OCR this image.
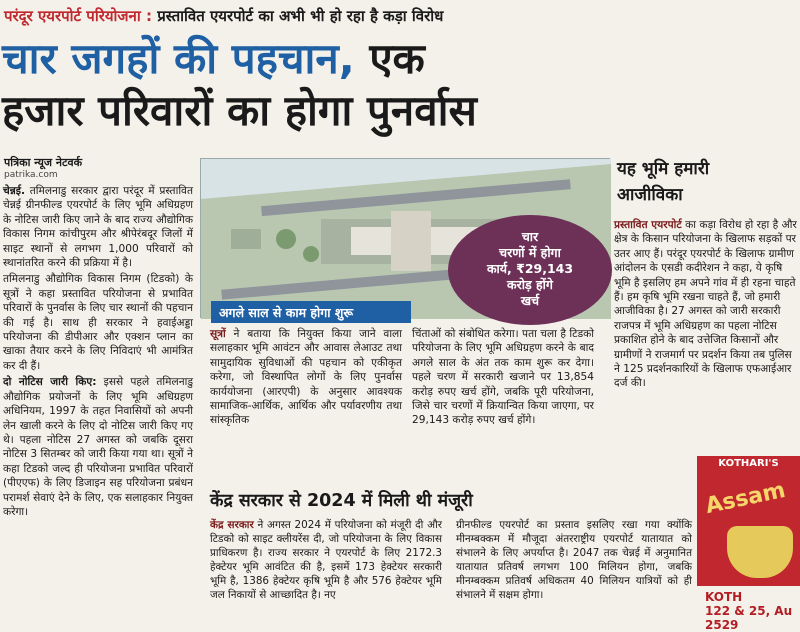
परंदूर एयरपोर्ट परियोजना : प्रस्तावित एयरपोर्ट का अभी भी हो रहा है कड़ा विरोध
चार जगहों की पहचान, एक
हजार परिवारों का होगा पुनर्वास
पत्रिका न्यूज नेटवर्क
patrika.com

चेन्नई. तमिलनाडु सरकार द्वारा परंदूर में प्रस्तावित चेन्नई ग्रीनफील्ड एयरपोर्ट के लिए भूमि अधिग्रहण के नोटिस जारी किए जाने के बाद राज्य औद्योगिक विकास निगम कांचीपुरम और श्रीपेरंबदूर जिलों में साइट स्थानों से लगभग 1,000 परिवारों को स्थानांतरित करने की प्रक्रिया में है।

तमिलनाडु औद्योगिक विकास निगम (टिडको) के सूत्रों ने कहा प्रस्तावित परियोजना से प्रभावित परिवारों के पुनर्वास के लिए चार स्थानों की पहचान की गई है। साथ ही सरकार ने हवाईअड्डा परियोजना की डीपीआर और एक्शन प्लान का खाका तैयार करने के लिए निविदाएं भी आमंत्रित कर दी हैं।

दो नोटिस जारी किए: इससे पहले तमिलनाडु औद्योगिक प्रयोजनों के लिए भूमि अधिग्रहण अधिनियम, 1997 के तहत निवासियों को अपनी लेन खाली करने के लिए दो नोटिस जारी किए गए थे। पहला नोटिस 27 अगस्त को जबकि दूसरा नोटिस 3 सितम्बर को जारी किया गया था। सूत्रों ने कहा टिडको जल्द ही परियोजना प्रभावित परिवारों (पीएएफ) के लिए डिजाइन सह परियोजना प्रबंधन परामर्श सेवाएं देने के लिए, एक सलाहकार नियुक्त करेगा।

अगले साल से काम होगा शुरू
चार
चरणों में होगा
कार्य, ₹29,143
करोड़ होंगे
खर्च
सूत्रों ने बताया कि नियुक्त किया जाने वाला सलाहकार भूमि आवंटन और आवास लेआउट तथा सामुदायिक सुविधाओं की पहचान को एकीकृत करेगा, जो विस्थापित लोगों के लिए पुनर्वास कार्ययोजना (आरएपी) के अनुसार आवश्यक सामाजिक-आर्थिक, आर्थिक और पर्यावरणीय तथा सांस्कृतिक
चिंताओं को संबोधित करेगा। पता चला है टिडको परियोजना के लिए भूमि अधिग्रहण करने के बाद अगले साल के अंत तक काम शुरू कर देगा। पहले चरण में सरकारी खजाने पर 13,854 करोड़ रुपए खर्च होंगे, जबकि पूरी परियोजना, जिसे चार चरणों में क्रियान्वित किया जाएगा, पर 29,143 करोड़ रुपए खर्च होंगे।
केंद्र सरकार से 2024 में मिली थी मंजूरी
केंद्र सरकार ने अगस्त 2024 में परियोजना को मंजूरी दी और टिडको को साइट क्लीयरेंस दी, जो परियोजना के लिए विकास प्राधिकरण है। राज्य सरकार ने एयरपोर्ट के लिए 2172.3 हेक्टेयर भूमि आवंटित की है, इसमें 173 हेक्टेयर सरकारी भूमि है, 1386 हेक्टेयर कृषि भूमि है और 576 हेक्टेयर भूमि जल निकायों से आच्छादित है। नए
ग्रीनफील्ड एयरपोर्ट का प्रस्ताव इसलिए रखा गया क्योंकि मीनम्बक्कम में मौजूदा अंतरराष्ट्रीय एयरपोर्ट यातायात को संभालने के लिए अपर्याप्त है। 2047 तक चेन्नई में अनुमानित यातायात प्रतिवर्ष लगभग 100 मिलियन होगा, जबकि मीनम्बक्कम प्रतिवर्ष अधिकतम 40 मिलियन यात्रियों को ही संभालने में सक्षम होगा।
यह भूमि हमारी
आजीविका
प्रस्तावित एयरपोर्ट का कड़ा विरोध हो रहा है और क्षेत्र के किसान परियोजना के खिलाफ सड़कों पर उतर आए हैं। परंदूर एयरपोर्ट के खिलाफ ग्रामीण आंदोलन के एसडी कदीरेशन ने कहा, ये कृषि भूमि है इसलिए हम अपने गांव में ही रहना चाहते हैं। हम कृषि भूमि रखना चाहते हैं, जो हमारी आजीविका है। 27 अगस्त को जारी सरकारी राजपत्र में भूमि अधिग्रहण का पहला नोटिस प्रकाशित होने के बाद उत्तेजित किसानों और ग्रामीणों ने राजमार्ग पर प्रदर्शन किया तब पुलिस ने 125 प्रदर्शनकारियों के खिलाफ एफआईआर दर्ज की।
KOTHARI'S
Assam
KOTH
122 & 25, Au
2529
